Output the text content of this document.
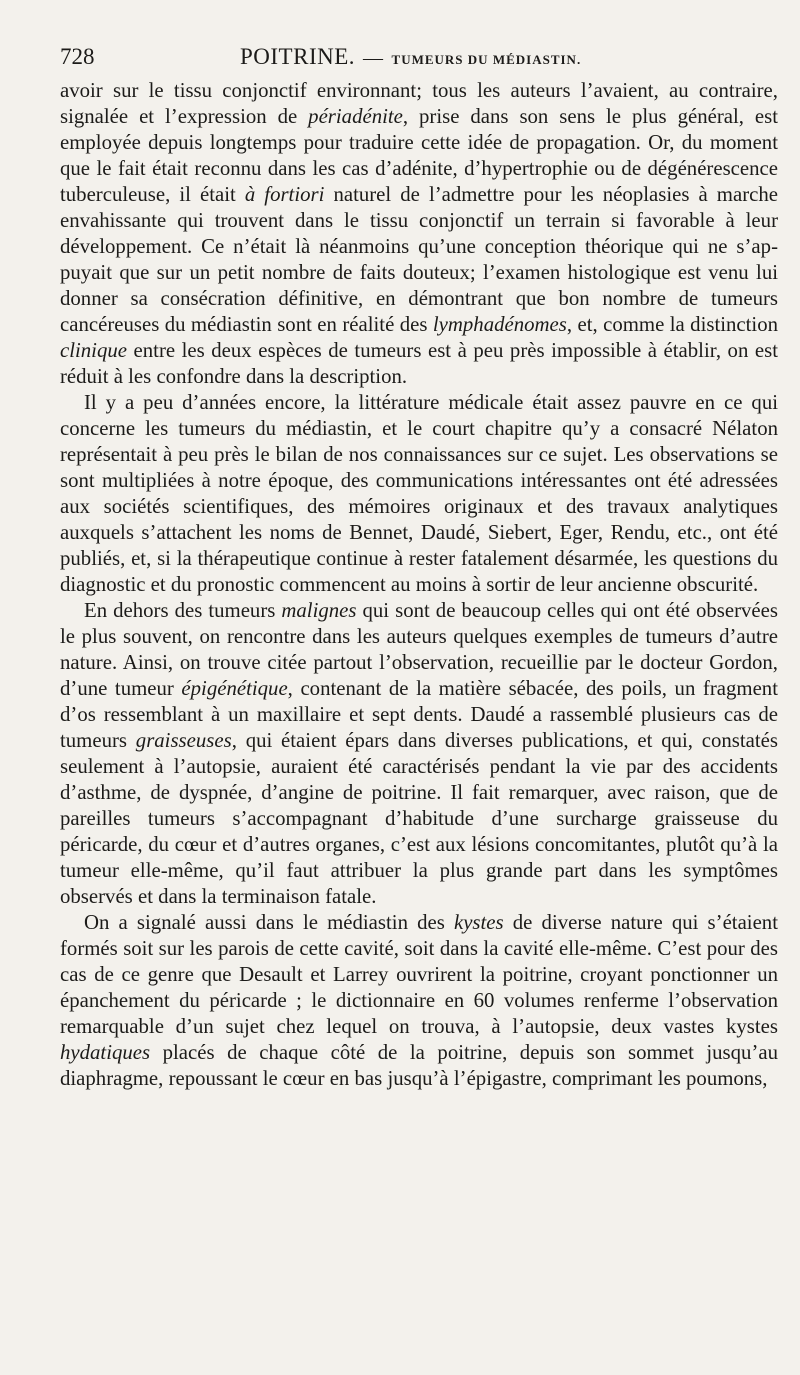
728	POITRINE. — TUMEURS DU MÉDIASTIN.

avoir sur le tissu conjonctif environnant; tous les auteurs l’avaient, au contraire, signalée et l’expression de périadénite, prise dans son sens le plus général, est employée depuis longtemps pour traduire cette idée de propagation. Or, du moment que le fait était reconnu dans les cas d’adénite, d’hypertrophie ou de dégénérescence tuberculeuse, il était à fortiori naturel de l’admettre pour les néoplasies à marche envahissante qui trouvent dans le tissu conjonctif un terrain si favorable à leur développement. Ce n’était là néanmoins qu’une conception théorique qui ne s’appuyait que sur un petit nombre de faits douteux; l’examen histologique est venu lui donner sa consécration définitive, en démontrant que bon nombre de tumeurs cancéreuses du médiastin sont en réalité des lymphadénomes, et, comme la distinction clinique entre les deux espèces de tumeurs est à peu près impossible à établir, on est réduit à les confondre dans la description.

Il y a peu d’années encore, la littérature médicale était assez pauvre en ce qui concerne les tumeurs du médiastin, et le court chapitre qu’y a consacré Nélaton représentait à peu près le bilan de nos connaissances sur ce sujet. Les observations se sont multipliées à notre époque, des communications intéressantes ont été adressées aux sociétés scientifiques, des mémoires originaux et des travaux analytiques auxquels s’attachent les noms de Bennet, Daudé, Siebert, Eger, Rendu, etc., ont été publiés, et, si la thérapeutique continue à rester fatalement désarmée, les questions du diagnostic et du pronostic commencent au moins à sortir de leur ancienne obscurité.

En dehors des tumeurs malignes qui sont de beaucoup celles qui ont été observées le plus souvent, on rencontre dans les auteurs quelques exemples de tumeurs d’autre nature. Ainsi, on trouve citée partout l’observation, recueillie par le docteur Gordon, d’une tumeur épigénétique, contenant de la matière sébacée, des poils, un fragment d’os ressemblant à un maxillaire et sept dents. Daudé a rassemblé plusieurs cas de tumeurs graisseuses, qui étaient épars dans diverses publications, et qui, constatés seulement à l’autopsie, auraient été caractérisés pendant la vie par des accidents d’asthme, de dyspnée, d’angine de poitrine. Il fait remarquer, avec raison, que de pareilles tumeurs s’accompagnant d’habitude d’une surcharge graisseuse du péricarde, du cœur et d’autres organes, c’est aux lésions concomitantes, plutôt qu’à la tumeur elle-même, qu’il faut attribuer la plus grande part dans les symptômes observés et dans la terminaison fatale.

On a signalé aussi dans le médiastin des kystes de diverse nature qui s’étaient formés soit sur les parois de cette cavité, soit dans la cavité elle-même. C’est pour des cas de ce genre que Desault et Larrey ouvrirent la poitrine, croyant ponctionner un épanchement du péricarde ; le dictionnaire en 60 volumes renferme l’observation remarquable d’un sujet chez lequel on trouva, à l’autopsie, deux vastes kystes hydatiques placés de chaque côté de la poitrine, depuis son sommet jusqu’au diaphragme, repoussant le cœur en bas jusqu’à l’épigastre, comprimant les poumons,
